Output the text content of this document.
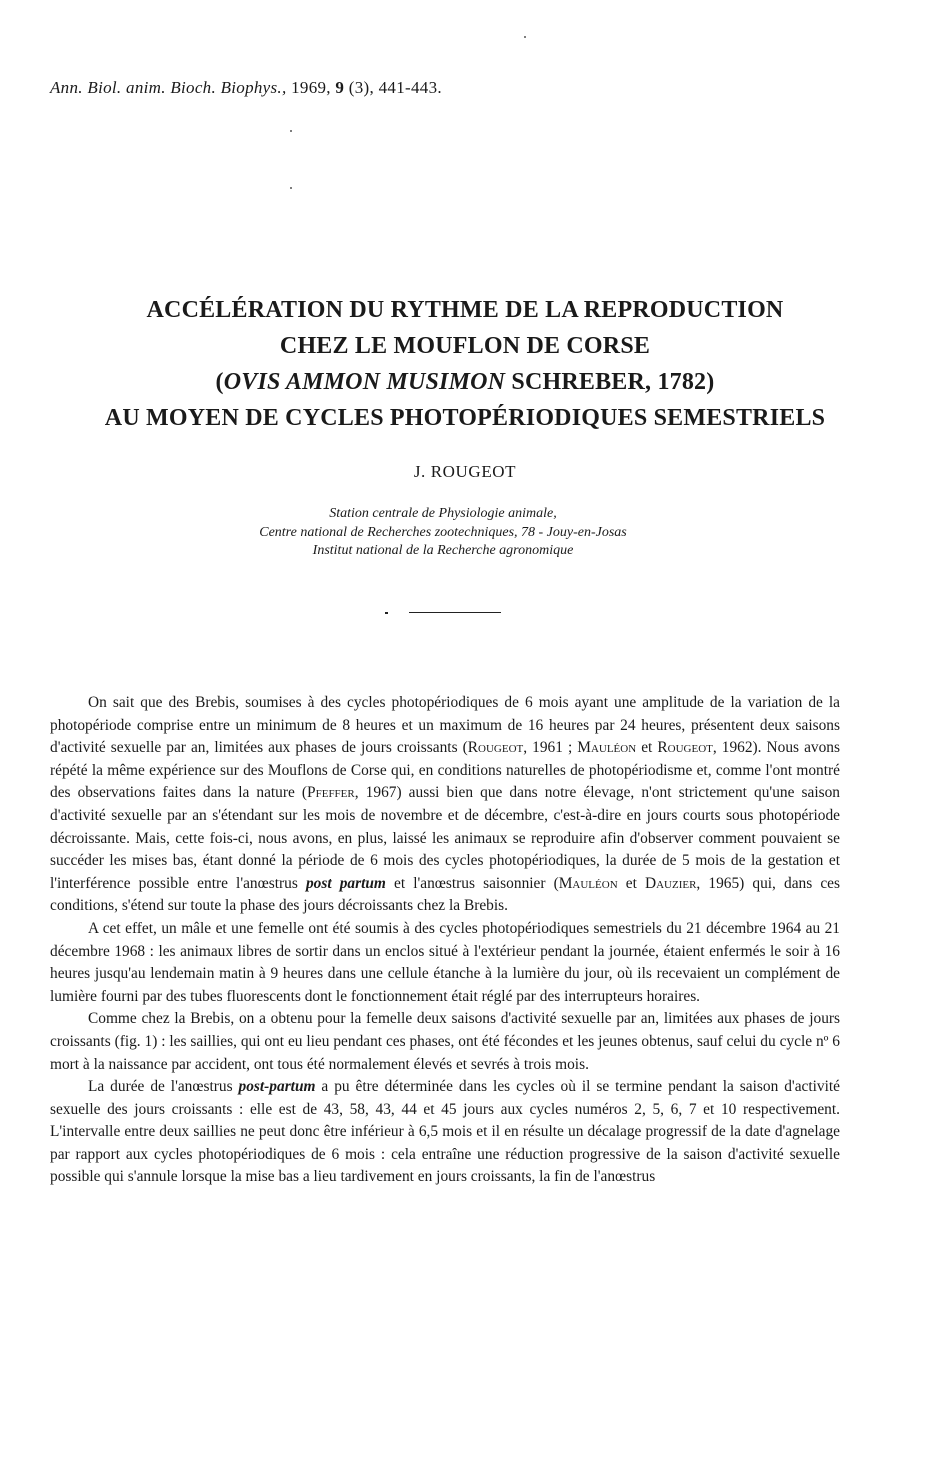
Ann. Biol. anim. Bioch. Biophys., 1969, 9 (3), 441-443.
ACCÉLÉRATION DU RYTHME DE LA REPRODUCTION
CHEZ LE MOUFLON DE CORSE
(OVIS AMMON MUSIMON SCHREBER, 1782)
AU MOYEN DE CYCLES PHOTOPÉRIODIQUES SEMESTRIELS
J. ROUGEOT
Station centrale de Physiologie animale,
Centre national de Recherches zootechniques, 78 - Jouy-en-Josas
Institut national de la Recherche agronomique

On sait que des Brebis, soumises à des cycles photopériodiques de 6 mois ayant une amplitude de la variation de la photopériode comprise entre un minimum de 8 heures et un maximum de 16 heures par 24 heures, présentent deux saisons d'activité sexuelle par an, limitées aux phases de jours croissants (Rougeot, 1961 ; Mauléon et Rougeot, 1962). Nous avons répété la même expérience sur des Mouflons de Corse qui, en conditions naturelles de photopériodisme et, comme l'ont montré des observations faites dans la nature (Pfeffer, 1967) aussi bien que dans notre élevage, n'ont strictement qu'une saison d'activité sexuelle par an s'étendant sur les mois de novembre et de décembre, c'est-à-dire en jours courts sous photopériode décroissante. Mais, cette fois-ci, nous avons, en plus, laissé les animaux se reproduire afin d'observer comment pouvaient se succéder les mises bas, étant donné la période de 6 mois des cycles photopériodiques, la durée de 5 mois de la gestation et l'interférence possible entre l'anœstrus post partum et l'anœstrus saisonnier (Mauléon et Dauzier, 1965) qui, dans ces conditions, s'étend sur toute la phase des jours décroissants chez la Brebis.

A cet effet, un mâle et une femelle ont été soumis à des cycles photopériodiques semestriels du 21 décembre 1964 au 21 décembre 1968 : les animaux libres de sortir dans un enclos situé à l'extérieur pendant la journée, étaient enfermés le soir à 16 heures jusqu'au lendemain matin à 9 heures dans une cellule étanche à la lumière du jour, où ils recevaient un complément de lumière fourni par des tubes fluorescents dont le fonctionnement était réglé par des interrupteurs horaires.

Comme chez la Brebis, on a obtenu pour la femelle deux saisons d'activité sexuelle par an, limitées aux phases de jours croissants (fig. 1) : les saillies, qui ont eu lieu pendant ces phases, ont été fécondes et les jeunes obtenus, sauf celui du cycle nº 6 mort à la naissance par accident, ont tous été normalement élevés et sevrés à trois mois.

La durée de l'anœstrus post-partum a pu être déterminée dans les cycles où il se termine pendant la saison d'activité sexuelle des jours croissants : elle est de 43, 58, 43, 44 et 45 jours aux cycles numéros 2, 5, 6, 7 et 10 respectivement. L'intervalle entre deux saillies ne peut donc être inférieur à 6,5 mois et il en résulte un décalage progressif de la date d'agnelage par rapport aux cycles photopériodiques de 6 mois : cela entraîne une réduction progressive de la saison d'activité sexuelle possible qui s'annule lorsque la mise bas a lieu tardivement en jours croissants, la fin de l'anœstrus
